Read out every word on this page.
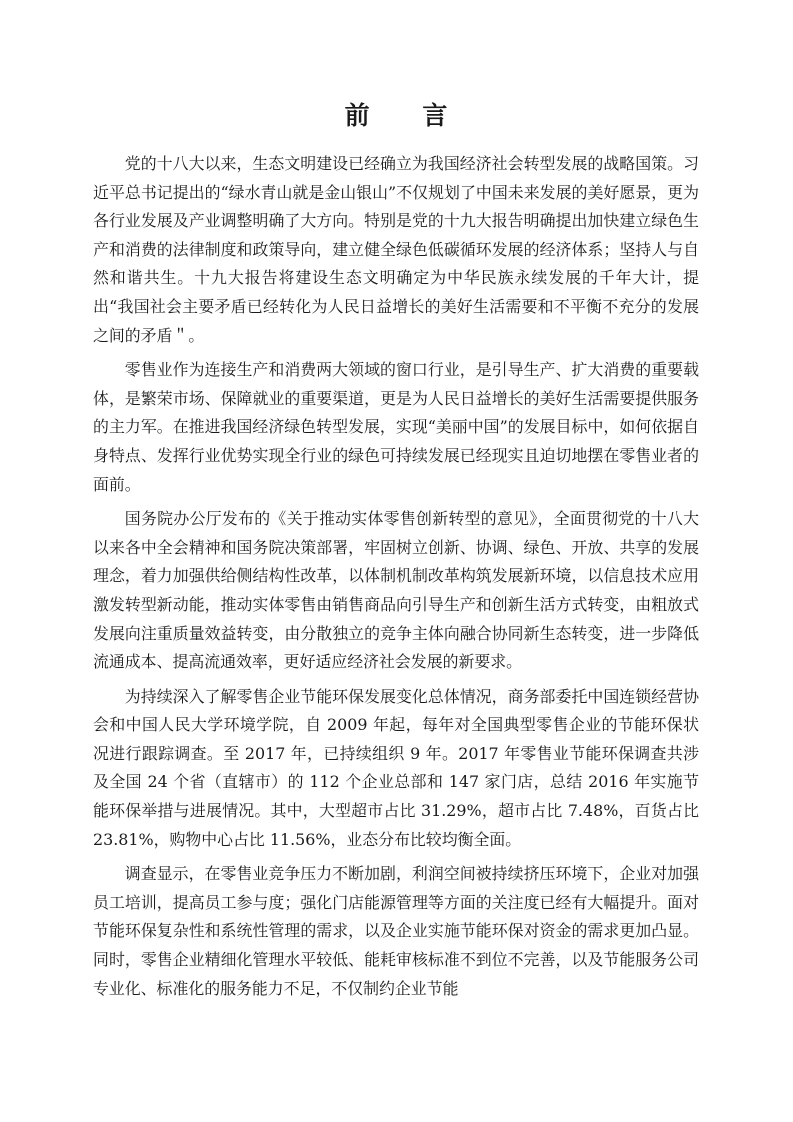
前 言

党的十八大以来，生态文明建设已经确立为我国经济社会转型发展的战略国策。习近平总书记提出的“绿水青山就是金山银山”不仅规划了中国未来发展的美好愿景，更为各行业发展及产业调整明确了大方向。特别是党的十九大报告明确提出加快建立绿色生产和消费的法律制度和政策导向，建立健全绿色低碳循环发展的经济体系；坚持人与自然和谐共生。十九大报告将建设生态文明确定为中华民族永续发展的千年大计，提出“我国社会主要矛盾已经转化为人民日益增长的美好生活需要和不平衡不充分的发展之间的矛盾＂。

零售业作为连接生产和消费两大领域的窗口行业，是引导生产、扩大消费的重要载体，是繁荣市场、保障就业的重要渠道，更是为人民日益增长的美好生活需要提供服务的主力军。在推进我国经济绿色转型发展，实现“美丽中国”的发展目标中，如何依据自身特点、发挥行业优势实现全行业的绿色可持续发展已经现实且迫切地摆在零售业者的面前。

国务院办公厅发布的《关于推动实体零售创新转型的意见》，全面贯彻党的十八大以来各中全会精神和国务院决策部署，牢固树立创新、协调、绿色、开放、共享的发展理念，着力加强供给侧结构性改革，以体制机制改革构筑发展新环境，以信息技术应用激发转型新动能，推动实体零售由销售商品向引导生产和创新生活方式转变，由粗放式发展向注重质量效益转变，由分散独立的竞争主体向融合协同新生态转变，进一步降低流通成本、提高流通效率，更好适应经济社会发展的新要求。

为持续深入了解零售企业节能环保发展变化总体情况，商务部委托中国连锁经营协会和中国人民大学环境学院，自 2009 年起，每年对全国典型零售企业的节能环保状况进行跟踪调查。至 2017 年，已持续组织 9 年。2017 年零售业节能环保调查共涉及全国 24 个省（直辖市）的 112 个企业总部和 147 家门店，总结 2016 年实施节能环保举措与进展情况。其中，大型超市占比 31.29%，超市占比 7.48%，百货占比 23.81%，购物中心占比 11.56%，业态分布比较均衡全面。

调查显示，在零售业竞争压力不断加剧，利润空间被持续挤压环境下，企业对加强员工培训，提高员工参与度；强化门店能源管理等方面的关注度已经有大幅提升。面对节能环保复杂性和系统性管理的需求，以及企业实施节能环保对资金的需求更加凸显。同时，零售企业精细化管理水平较低、能耗审核标准不到位不完善，以及节能服务公司专业化、标准化的服务能力不足，不仅制约企业节能
